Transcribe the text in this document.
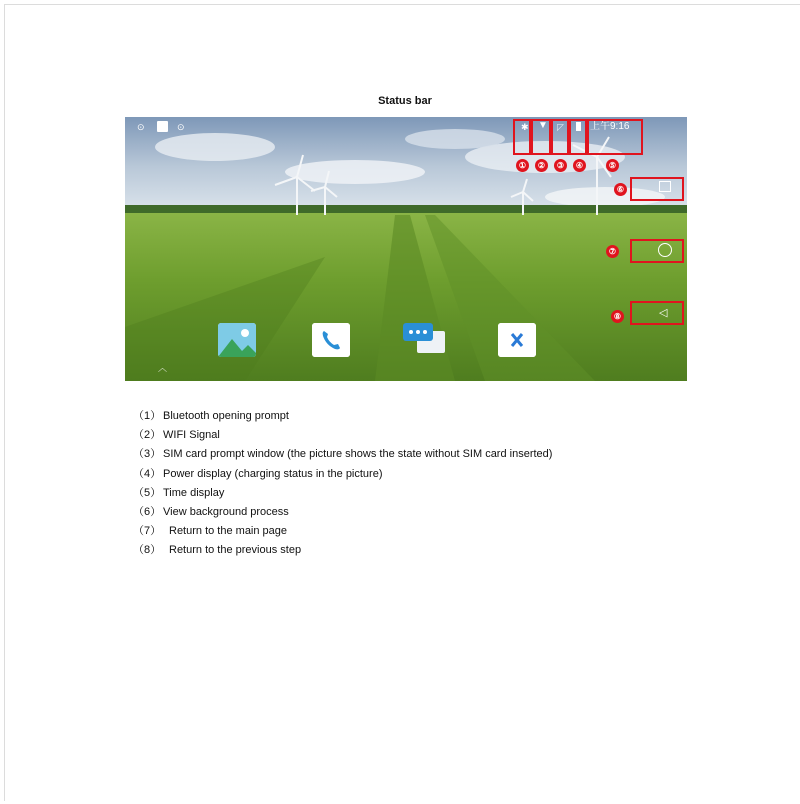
Status bar
⊙	⊙	✱ ▼ ◸	上午9:16
①	②	③	④	⑤
⑥
⑦
⑧	◁
︿
（1） Bluetooth opening prompt
（2） WIFI Signal
（3） SIM card prompt window (the picture shows the state without SIM card inserted)
（4） Power display (charging status in the picture)
（5） Time display
（6） View background process
（7） Return to the main page
（8） Return to the previous step
